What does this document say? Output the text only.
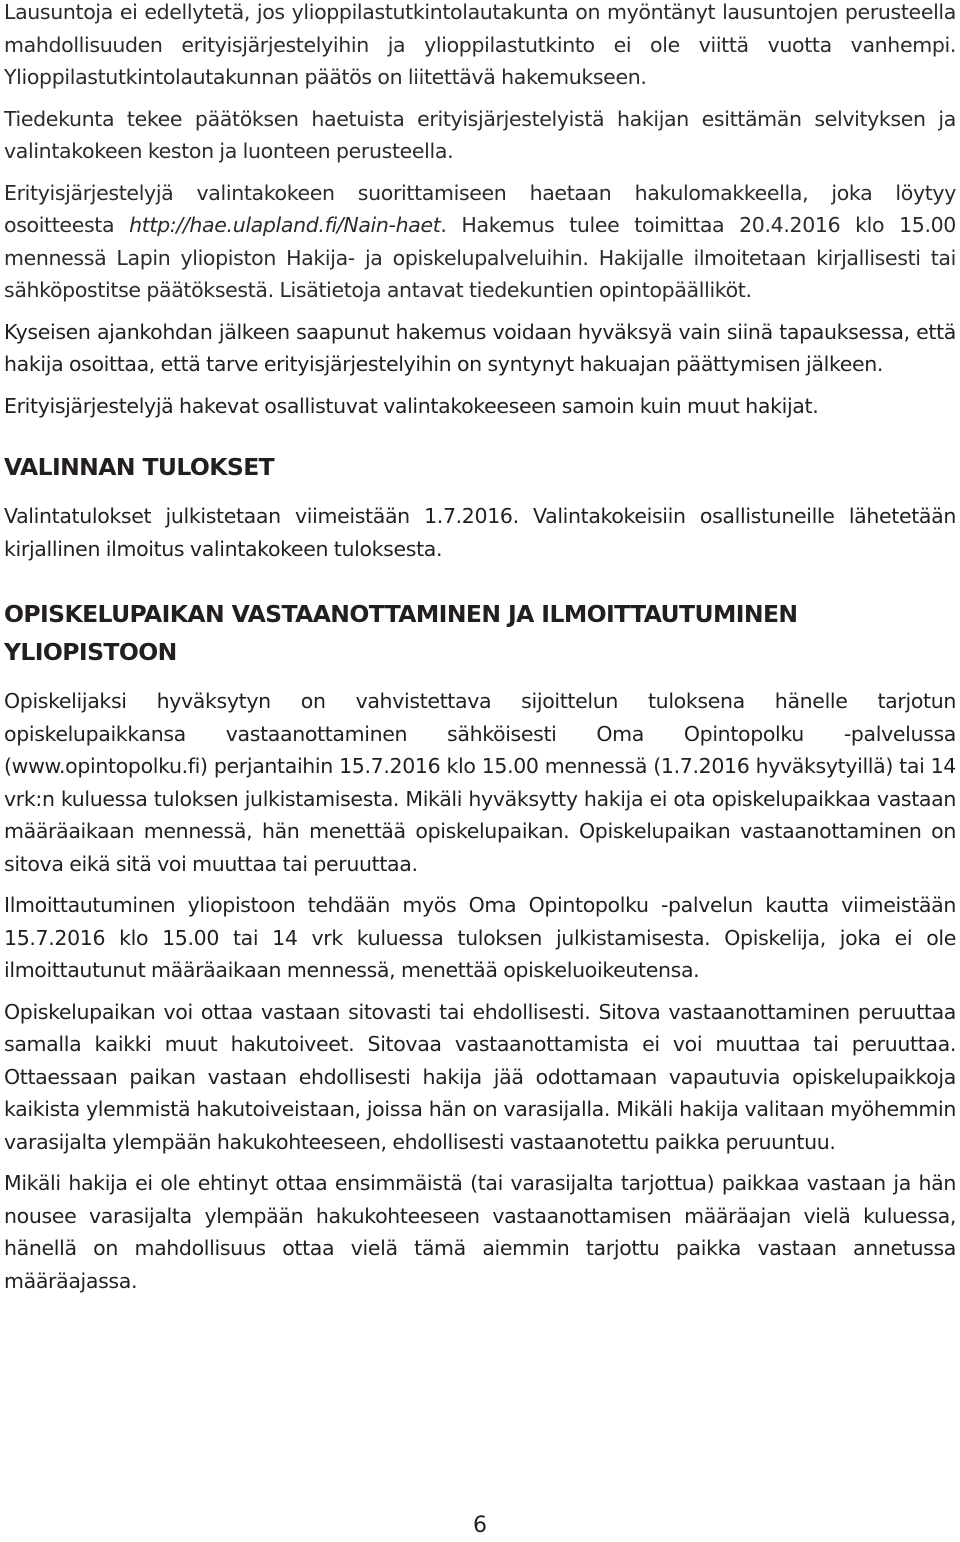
Lausuntoja ei edellytetä, jos ylioppilastutkintolautakunta on myöntänyt lausuntojen perusteella mahdollisuuden erityisjärjestelyihin ja ylioppilastutkinto ei ole viittä vuotta vanhempi. Ylioppilastutkintolautakunnan päätös on liitettävä hakemukseen.

Tiedekunta tekee päätöksen haetuista erityisjärjestelyistä hakijan esittämän selvityksen ja valintakokeen keston ja luonteen perusteella.

Erityisjärjestelyjä valintakokeen suorittamiseen haetaan hakulomakkeella, joka löytyy osoitteesta http://hae.ulapland.fi/Nain-haet. Hakemus tulee toimittaa 20.4.2016 klo 15.00 mennessä Lapin yliopiston Hakija- ja opiskelupalveluihin. Hakijalle ilmoitetaan kirjallisesti tai sähköpostitse päätöksestä. Lisätietoja antavat tiedekuntien opintopäälliköt.

Kyseisen ajankohdan jälkeen saapunut hakemus voidaan hyväksyä vain siinä tapauksessa, että hakija osoittaa, että tarve erityisjärjestelyihin on syntynyt hakuajan päättymisen jälkeen.

Erityisjärjestelyjä hakevat osallistuvat valintakokeeseen samoin kuin muut hakijat.

VALINNAN TULOKSET

Valintatulokset julkistetaan viimeistään 1.7.2016. Valintakokeisiin osallistuneille lähetetään kirjallinen ilmoitus valintakokeen tuloksesta.

OPISKELUPAIKAN VASTAANOTTAMINEN JA ILMOITTAUTUMINEN YLIOPISTOON

Opiskelijaksi hyväksytyn on vahvistettava sijoittelun tuloksena hänelle tarjotun opiskelupaikkansa vastaanottaminen sähköisesti Oma Opintopolku -palvelussa (www.opintopolku.fi) perjantaihin 15.7.2016 klo 15.00 mennessä (1.7.2016 hyväksytyillä) tai 14 vrk:n kuluessa tuloksen julkistamisesta. Mikäli hyväksytty hakija ei ota opiskelupaikkaa vastaan määräaikaan mennessä, hän menettää opiskelupaikan. Opiskelupaikan vastaanottaminen on sitova eikä sitä voi muuttaa tai peruuttaa.

Ilmoittautuminen yliopistoon tehdään myös Oma Opintopolku -palvelun kautta viimeistään 15.7.2016 klo 15.00 tai 14 vrk kuluessa tuloksen julkistamisesta. Opiskelija, joka ei ole ilmoittautunut määräaikaan mennessä, menettää opiskeluoikeutensa.

Opiskelupaikan voi ottaa vastaan sitovasti tai ehdollisesti. Sitova vastaanottaminen peruuttaa samalla kaikki muut hakutoiveet. Sitovaa vastaanottamista ei voi muuttaa tai peruuttaa. Ottaessaan paikan vastaan ehdollisesti hakija jää odottamaan vapautuvia opiskelupaikkoja kaikista ylemmistä hakutoiveistaan, joissa hän on varasijalla. Mikäli hakija valitaan myöhemmin varasijalta ylempään hakukohteeseen, ehdollisesti vastaanotettu paikka peruuntuu.

Mikäli hakija ei ole ehtinyt ottaa ensimmäistä (tai varasijalta tarjottua) paikkaa vastaan ja hän nousee varasijalta ylempään hakukohteeseen vastaanottamisen määräajan vielä kuluessa, hänellä on mahdollisuus ottaa vielä tämä aiemmin tarjottu paikka vastaan annetussa määräajassa.

6
